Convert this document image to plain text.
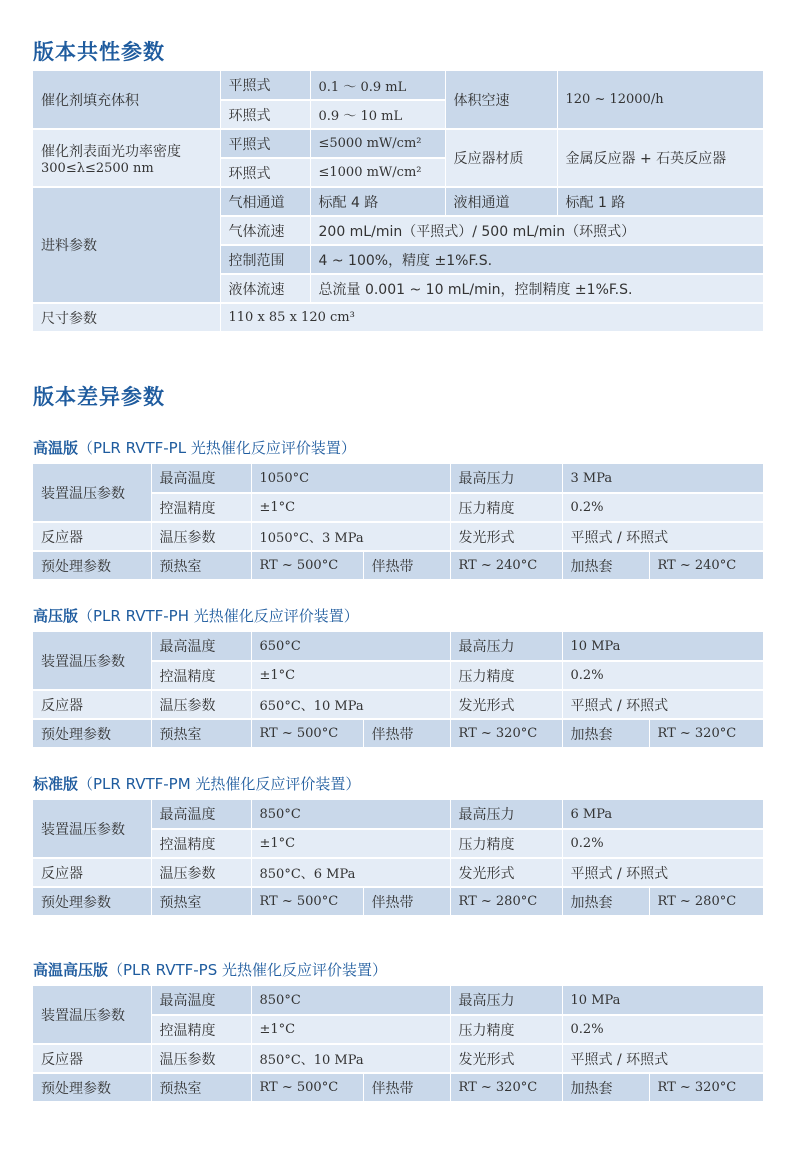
版本共性参数
催化剂填充体积	平照式	0.1 ～ 0.9 mL	体积空速	120 ~ 12000/h
	环照式	0.9 ～ 10 mL		

催化剂表面光功率密度
300≤λ≤2500 nm	平照式	≤5000 mW/cm²	反应器材质	金属反应器 + 石英反应器
	环照式	≤1000 mW/cm²		
进料参数	气相通道	标配 4 路	液相通道	标配 1 路
	气体流速	200 mL/min（平照式）/ 500 mL/min（环照式）		
	控制范围	4 ~ 100%，精度 ±1%F.S.		
	液体流速	总流量 0.001 ~ 10 mL/min，控制精度 ±1%F.S.		
尺寸参数	110 x 85 x 120 cm³			
版本差异参数
高温版（PLR RVTF-PL 光热催化反应评价装置）
装置温压参数	最高温度	1050°C		最高压力	3 MPa	
	控温精度	±1°C		压力精度	0.2%	
反应器	温压参数	1050°C、3 MPa		发光形式	平照式 / 环照式	
预处理参数	预热室	RT ~ 500°C	伴热带	RT ~ 240°C	加热套	RT ~ 240°C
高压版（PLR RVTF-PH 光热催化反应评价装置）
装置温压参数	最高温度	650°C		最高压力	10 MPa	
	控温精度	±1°C		压力精度	0.2%	
反应器	温压参数	650°C、10 MPa		发光形式	平照式 / 环照式	
预处理参数	预热室	RT ~ 500°C	伴热带	RT ~ 320°C	加热套	RT ~ 320°C
标准版（PLR RVTF-PM 光热催化反应评价装置）
装置温压参数	最高温度	850°C		最高压力	6 MPa	
	控温精度	±1°C		压力精度	0.2%	
反应器	温压参数	850°C、6 MPa		发光形式	平照式 / 环照式	
预处理参数	预热室	RT ~ 500°C	伴热带	RT ~ 280°C	加热套	RT ~ 280°C
高温高压版（PLR RVTF-PS 光热催化反应评价装置）
装置温压参数	最高温度	850°C		最高压力	10 MPa	
	控温精度	±1°C		压力精度	0.2%	
反应器	温压参数	850°C、10 MPa		发光形式	平照式 / 环照式	
预处理参数	预热室	RT ~ 500°C	伴热带	RT ~ 320°C	加热套	RT ~ 320°C
